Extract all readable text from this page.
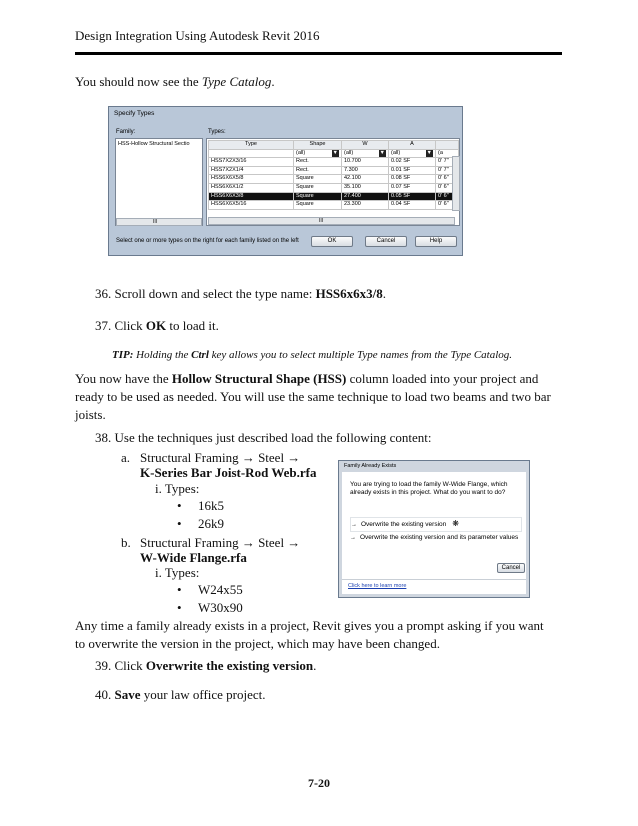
Design Integration Using Autodesk Revit 2016
You should now see the Type Catalog.
Specify Types
Family:	Types:
HSS-Hollow Structural Sectio
III
Type	Shape	W	A	
	(all) ▼	(all) ▼	(all) ▼	(a
HSS7X2X3/16	Rect.	10.700	0.02 SF	0' 7"
HSS7X2X1/4	Rect.	7.300	0.01 SF	0' 7"
HSS6X6X5/8	Square	42.100	0.08 SF	0' 6"
HSS6X6X1/2	Square	35.100	0.07 SF	0' 6"
HSS6X6X3/8	Square	27.400	0.05 SF	0' 6"
HSS6X6X5/16	Square	23.300	0.04 SF	0' 6"
III
Select one or more types on the right for each family listed on the left	OK	Cancel	Help
36. Scroll down and select the type name: HSS6x6x3/8.
37. Click OK to load it.
TIP: Holding the Ctrl key allows you to select multiple Type names from the Type Catalog.
You now have the Hollow Structural Shape (HSS) column loaded into your project and ready to be used as needed. You will use the same technique to load two beams and two bar joists.
38. Use the techniques just described load the following content:
a. Structural Framing → Steel →
K-Series Bar Joist-Rod Web.rfa
i. Types:
• 16k5
• 26k9
b. Structural Framing → Steel →
W-Wide Flange.rfa
i. Types:
• W24x55
• W30x90
Family Already Exists
You are trying to load the family W-Wide Flange, which already exists in this project. What do you want to do?
→ Overwrite the existing version ❋
→ Overwrite the existing version and its parameter values
Cancel
Click here to learn more
Any time a family already exists in a project, Revit gives you a prompt asking if you want to overwrite the version in the project, which may have been changed.
39. Click Overwrite the existing version.
40. Save your law office project.
7-20
